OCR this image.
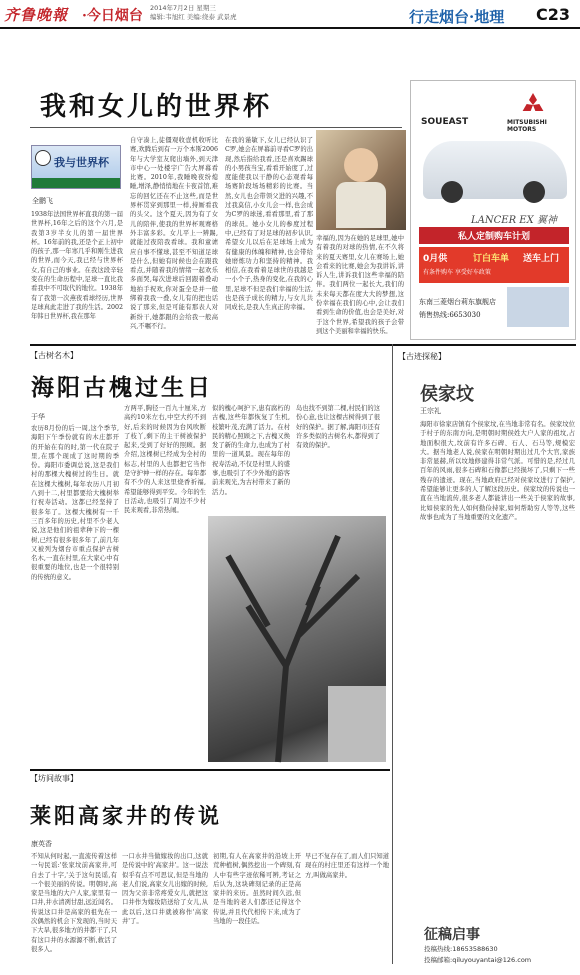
齐鲁晚報 ·今日烟台 2014年7月2日 星期三
编辑:韦旭红 美编:绕泰 武景虎	行走烟台·地理 C23
我和女儿的世界杯
我与世界杯
全鹏飞
1938年法国世界杯直我的第一届世界杯,16年之后的这个六月,是我第3岁半女儿的第一届世界杯。16年前的我,还是个正上初中的孩子,那一年寒几乎和刚生进我的世界,而今天,我已经与世界杯女,有自己的事业。在我这段辛轻变在的生命历程中,足球一直比我看我中不可取代的地位。1938年有了我第一次燕夜看球经历,世界足球真此走进了我的生活。2002年韩日世界杯,我在那年
自守凑上,徒僵观收壹机收听比赛,欢腾后到有一万个本斯2006年与大学室友爬出墙外,到天津市中心一处楼宇广告大屏幕看比赛。2010年,我睡晚夜纷熄睡,增泽,静悄悄地在卡夜首馆,难忘的回忆还在不止这些,而是世界杯贯穿到那里一样,持厮看我的头父。这个夏天,因为有了女儿的陪伴,使我的世界杯观赛格外丰富多彩。女儿平上一辨踢,就能过夜陪我看球。我和童谑应自事不懂球,甚至不知道足球是什么,但她有时候也会在跟我看点,并随着我的情绪一起欢乐多面哭,每次进球后回跟着叠动地拍手祝欢,你对蛋全是并一般绑着我我一叠,女儿有的把也话说了那来,但是可能有那表人对新纷干,她都跟的会给我一般高兴,不嘱不行。
在我的谨敏下,女儿已经认识了C罗,她会在屏幕前寻看C罗的出现,然后指给我看,还是喜欢踢球的小男孩当宝,看看开始度了,过度能使我以干静的心态观看每场赛阶段场场精彩的比赛。当然,女儿也会带领父进的兴趣,不过我莫信,小女儿会一样,也会成为C罗的球迷,看看那里,看了那的球员。她小女儿的参度过程中,已经有了对足球的初步认识,希望女儿以后在足球场上成为有健康的体魄和精神,也会带给她磨炼功力和坚持的精神。我相信,在我看着足球世的我越是一小个子,热身的变化,在我的心里,足球不但是我们幸福的生活,也是孩子成长的精力,与女儿共同成长,是我人生真正的幸福。
幸福的,因为在她的足球里,她中有着我的对球的热情,在不久将来的夏天赛里,女儿在赛场上,她会看来的比赛,她会为我讲诉,讲诉人生,讲诉我们这些幸福的陪伴。我们两位一起长大,我们的未来每天都在度大大的梦想,这份幸福在我们的心中,会让我们看到生命的价值,也会是美好,对于这个世界,希望我的孩子会带到这个美丽和幸福的快乐。
SOUEAST	MITSUBISHI MOTORS
LANCER EX 翼神
私人定制购车计划
0月供	订白车单 送车上门
有条件购车 享受好车政策
东南三菱烟台莉东旗舰店
销售热线:6653030
【古树名木】
海阳古槐过生日
于华
农历8月份的后一周,这个季节,海阳下午季份就有的木庄都开的开始在有的时,第一代在院子里,在那个现成了这时期的季份。海阳市委调总说,这是我们村的那棵大槐树过的生日。就在这棵大槐树,每年农历八月初八到十二,村里都要给大槐树举行祝寿活动。这都已经坚持了很多年了。这棵大槐树有一千三百多年的历史,村里不少老人说,这是他们的祖辈种下的一棵树,已经有很多很多年了,前几年又被列为烟台市重点保护古树名木,一直在村里,在大家心中有很重要的地位,也是一个很特别的传统的意义。
方两平,胸径一百九十厘米,方高约10米左右,中空大约不到好,后来的时候因为台风吹断了枝丫,剩下的主干树被保护起来,受到了好好的照顾。据介绍,这棵树已经成为全村的标志,村里的人也都把它当作是守护神一样的存在。每年都有不少的人来这里烧香祈福,希望能够得到平安。今年的生日活动,也吸引了周边不少村民来观看,非常热闹。
似的槐心呵护下,患有腐朽的古槐,这些年都恢复了生机,枝繁叶茂,充满了活力。在村民的精心照顾之下,古槐又焕发了新的生命力,也成为了村里的一道风景。现在每年的祝寿活动,不仅是村里人的盛事,也吸引了不少外地的游客前来观光,为古村带来了新的活力。
岛也找不到第二棵,村民们的这份心意,也让这棵古树得到了很好的保护。据了解,海阳市还有许多类似的古树名木,都得到了有效的保护。
【古迹探秘】
侯家坟
王宗礼
海阳市徐家店镇有个侯家坟,在当地非常有名。侯家坟位于村子的东南方向,是明朝时期侯姓大户人家的祖坟,占地面积很大,坟前有许多石碑、石人、石马等,规模宏大。据当地老人说,侯家在明朝时期出过几个大官,家族非常显赫,所以坟地修建得非常气派。可惜的是,经过几百年的风雨,很多石碑和石像都已经损坏了,只剩下一些残存的遗迹。现在,当地政府已经对侯家坟进行了保护,希望能够让更多的人了解这段历史。侯家坟的传说也一直在当地流传,很多老人都能讲出一些关于侯家的故事,比如侯家的先人如何勤俭持家,如何帮助穷人等等,这些故事也成为了当地重要的文化遗产。
征稿启事
投稿热线:18653588630
投稿邮箱:qiluyouyantai@126.com
【坊间故事】
莱阳高家井的传说
康英香
不知从何时起,一直流传着这样一句民谣:'张家坟前高家井,可自去了十字,'关于这句民谣,有一个很美丽的传说。明朝时,高家是当地的大户人家,家里有一口井,井水清冽甘甜,远近闻名。传说这口井是高家的祖先在一次偶然的机会下发现的,当时天下大旱,很多地方的井都干了,只有这口井的水源源不断,救活了很多人。
一口水井当做嫁妆的出口,这就是传说中的'高家井'。这一说法似乎有点不可思议,但是当地的老人们说,高家女儿出嫁的时候,因为父亲非常疼爱女儿,就把这口井作为嫁妆陪送给了女儿,从此以后,这口井就被称作'高家井'了。
初期,有人在高家井的沿坡上开荒种植树,偶然挖出一个碑刻,有人中有些字迹依稀可辨,考证之后认为,这块碑刻记录的正是高家井的来历。虽然时间久远,但是当地的老人们都还记得这个传说,并且代代相传下来,成为了当地的一段佳话。
早已不复存在了,而人们只知道现在的村庄里还有这样一个地方,叫做高家井。
